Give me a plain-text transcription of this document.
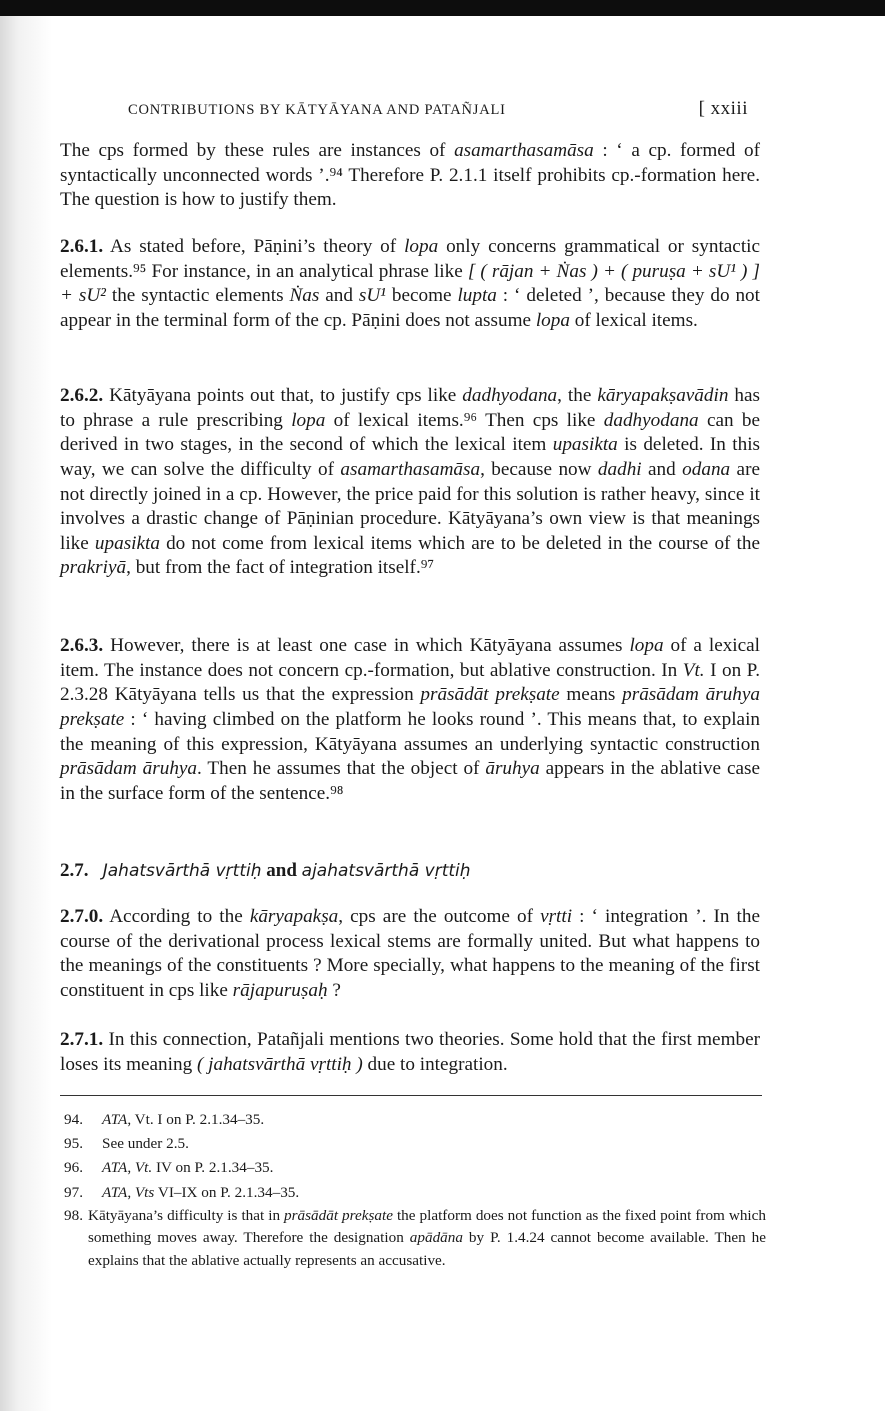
CONTRIBUTIONS BY KĀTYĀYANA AND PATAÑJALI	[ xxiii

The cps formed by these rules are instances of asamarthasamāsa : ‘ a cp. formed of syntactically unconnected words ’.⁹⁴ Therefore P. 2.1.1 itself prohibits cp.-formation here. The question is how to justify them.

2.6.1. As stated before, Pāṇini’s theory of lopa only concerns grammatical or syntactic elements.⁹⁵ For instance, in an analytical phrase like [ ( rājan + Ṅas ) + ( puruṣa + sU¹ ) ] + sU² the syntactic elements Ṅas and sU¹ become lupta : ‘ deleted ’, because they do not appear in the terminal form of the cp. Pāṇini does not assume lopa of lexical items.

2.6.2. Kātyāyana points out that, to justify cps like dadhyodana, the kāryapakṣavādin has to phrase a rule prescribing lopa of lexical items.⁹⁶ Then cps like dadhyodana can be derived in two stages, in the second of which the lexical item upasikta is deleted. In this way, we can solve the difficulty of asamarthasamāsa, because now dadhi and odana are not directly joined in a cp. However, the price paid for this solution is rather heavy, since it involves a drastic change of Pāṇinian procedure. Kātyāyana’s own view is that meanings like upasikta do not come from lexical items which are to be deleted in the course of the prakriyā, but from the fact of integration itself.⁹⁷

2.6.3. However, there is at least one case in which Kātyāyana assumes lopa of a lexical item. The instance does not concern cp.-formation, but ablative construction. In Vt. I on P. 2.3.28 Kātyāyana tells us that the expression prāsādāt prekṣate means prāsādam āruhya prekṣate : ‘ having climbed on the platform he looks round ’. This means that, to explain the meaning of this expression, Kātyāyana assumes an underlying syntactic construction prāsādam āruhya. Then he assumes that the object of āruhya appears in the ablative case in the surface form of the sentence.⁹⁸

2.7. Jahatsvārthā vṛttiḥ and ajahatsvārthā vṛttiḥ

2.7.0. According to the kāryapakṣa, cps are the outcome of vṛtti : ‘ integration ’. In the course of the derivational process lexical stems are formally united. But what happens to the meanings of the constituents ? More specially, what happens to the meaning of the first constituent in cps like rājapuruṣaḥ ?

2.7.1. In this connection, Patañjali mentions two theories. Some hold that the first member loses its meaning ( jahatsvārthā vṛttiḥ ) due to integration.

94.	ATA, Vt. I on P. 2.1.34–35.
95.	See under 2.5.
96.	ATA, Vt. IV on P. 2.1.34–35.
97.	ATA, Vts VI–IX on P. 2.1.34–35.
98. Kātyāyana’s difficulty is that in prāsādāt prekṣate the platform does not function as the fixed point from which something moves away. Therefore the designation apādāna by P. 1.4.24 cannot become available. Then he explains that the ablative actually represents an accusative.
